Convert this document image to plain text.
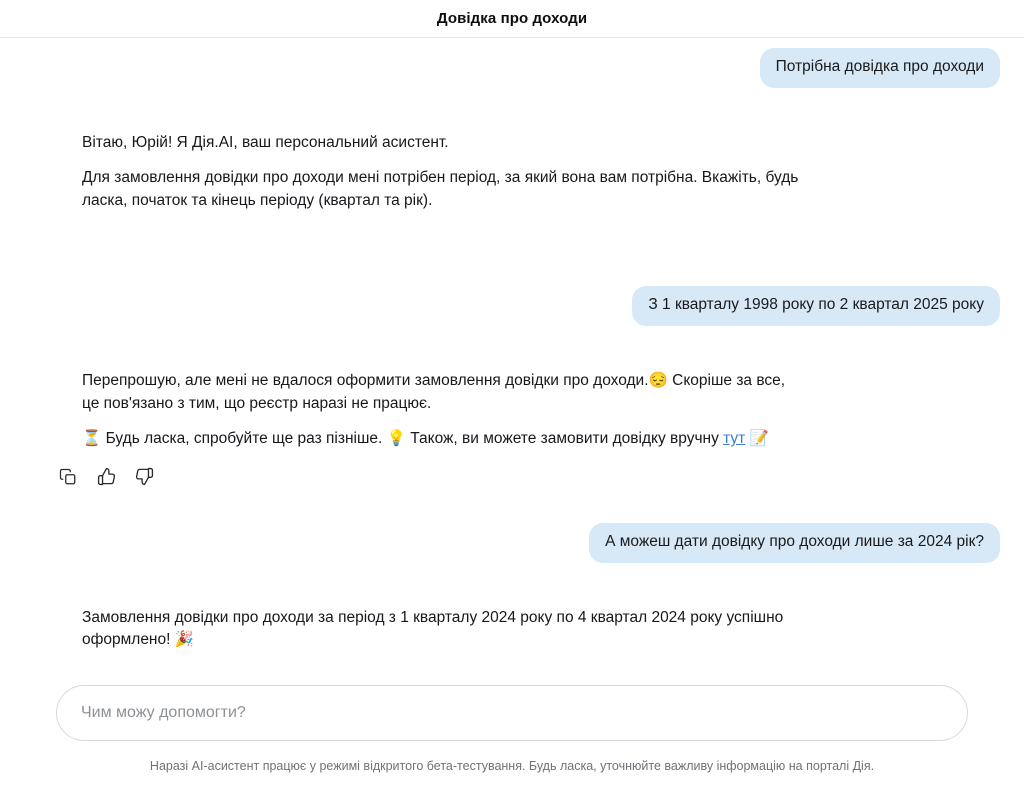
Довідка про доходи
Потрібна довідка про доходи

Вітаю, Юрій! Я Дія.AI, ваш персональний асистент.

Для замовлення довідки про доходи мені потрібен період, за який вона вам потрібна. Вкажіть, будь ласка, початок та кінець періоду (квартал та рік).

З 1 кварталу 1998 року по 2 квартал 2025 року

Перепрошую, але мені не вдалося оформити замовлення довідки про доходи.😔 Скоріше за все, це пов'язано з тим, що реєстр наразі не працює.

⏳ Будь ласка, спробуйте ще раз пізніше. 💡 Також, ви можете замовити довідку вручну тут 📝

А можеш дати довідку про доходи лише за 2024 рік?

Замовлення довідки про доходи за період з 1 кварталу 2024 року по 4 квартал 2024 року успішно оформлено! 🎉

Чим можу допомогти?
Наразі AI-асистент працює у режимі відкритого бета-тестування. Будь ласка, уточнюйте важливу інформацію на порталі Дія.
